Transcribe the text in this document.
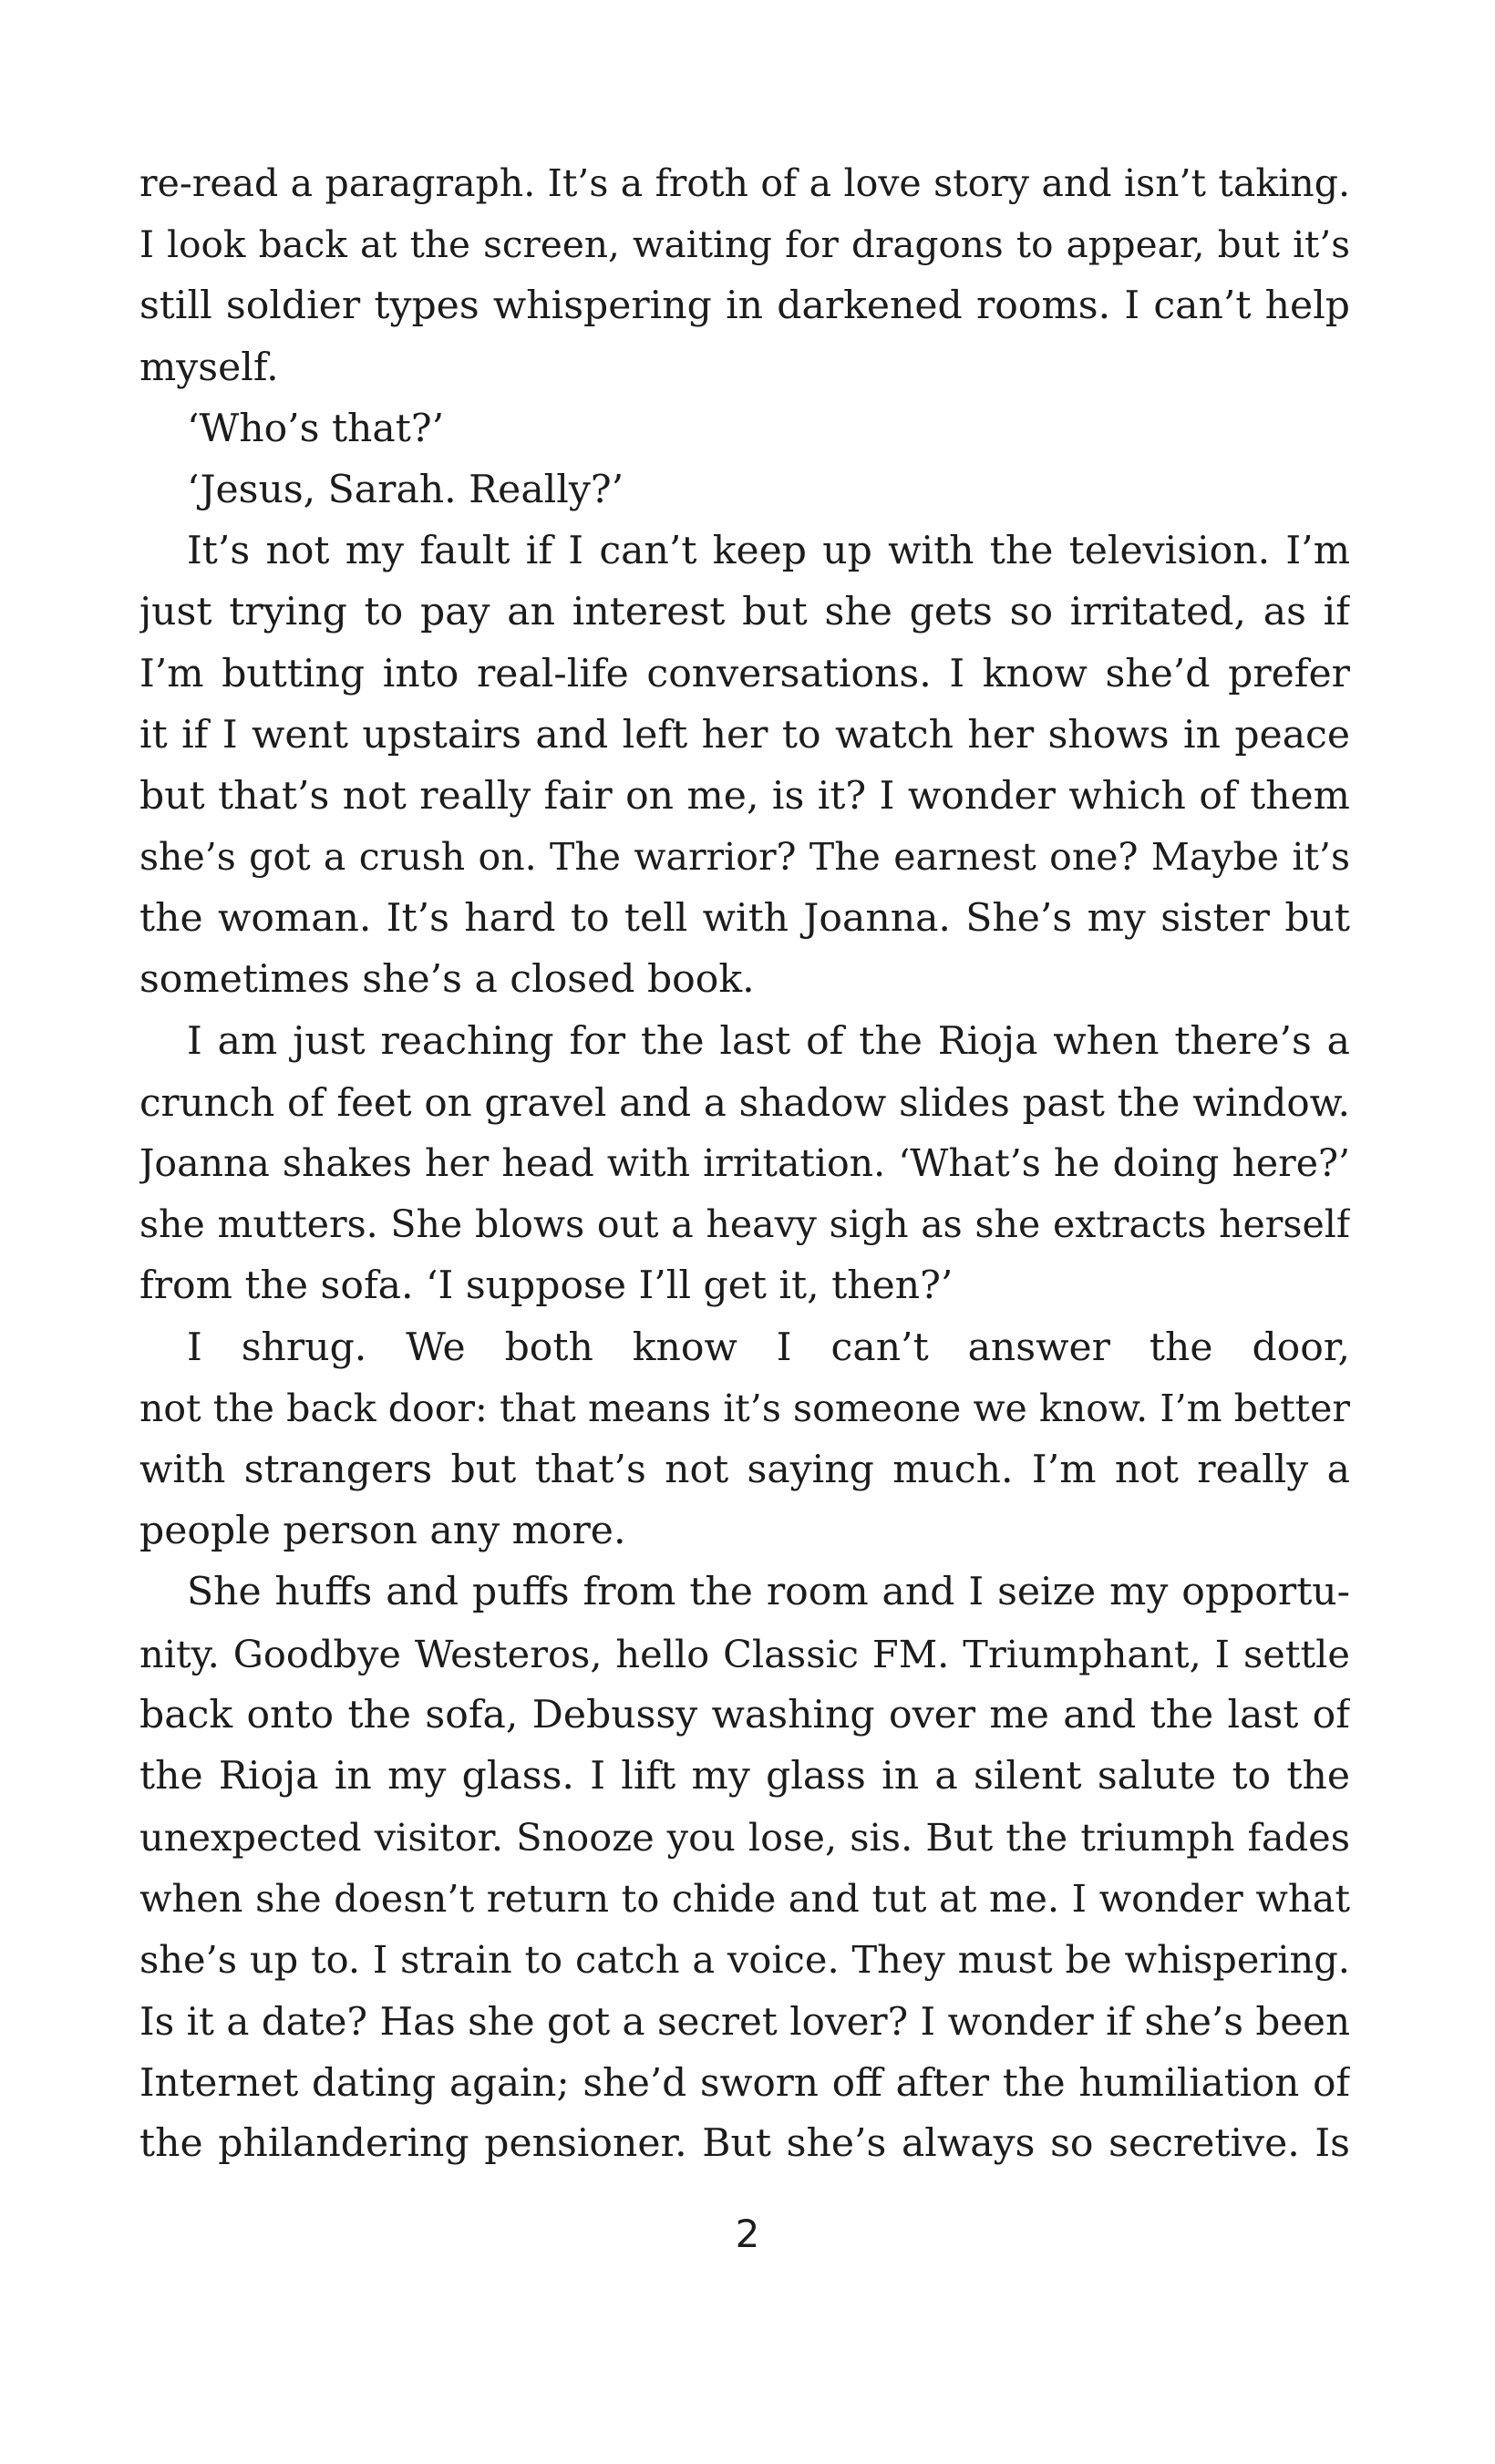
re-read a paragraph. It’s a froth of a love story and isn’t taking.
I look back at the screen, waiting for dragons to appear, but it’s
still soldier types whispering in darkened rooms. I can’t help
myself.
‘Who’s that?’
‘Jesus, Sarah. Really?’
It’s not my fault if I can’t keep up with the television. I’m
just trying to pay an interest but she gets so irritated, as if
I’m butting into real-life conversations. I know she’d prefer
it if I went upstairs and left her to watch her shows in peace
but that’s not really fair on me, is it? I wonder which of them
she’s got a crush on. The warrior? The earnest one? Maybe it’s
the woman. It’s hard to tell with Joanna. She’s my sister but
sometimes she’s a closed book.
I am just reaching for the last of the Rioja when there’s a
crunch of feet on gravel and a shadow slides past the window.
Joanna shakes her head with irritation. ‘What’s he doing here?’
she mutters. She blows out a heavy sigh as she extracts herself
from the sofa. ‘I suppose I’ll get it, then?’
I shrug. We both know I can’t answer the door,
not the back door: that means it’s someone we know. I’m better
with strangers but that’s not saying much. I’m not really a
people person any more.
She huffs and puffs from the room and I seize my opportu-
nity. Goodbye Westeros, hello Classic FM. Triumphant, I settle
back onto the sofa, Debussy washing over me and the last of
the Rioja in my glass. I lift my glass in a silent salute to the
unexpected visitor. Snooze you lose, sis. But the triumph fades
when she doesn’t return to chide and tut at me. I wonder what
she’s up to. I strain to catch a voice. They must be whispering.
Is it a date? Has she got a secret lover? I wonder if she’s been
Internet dating again; she’d sworn off after the humiliation of
the philandering pensioner. But she’s always so secretive. Is
2
